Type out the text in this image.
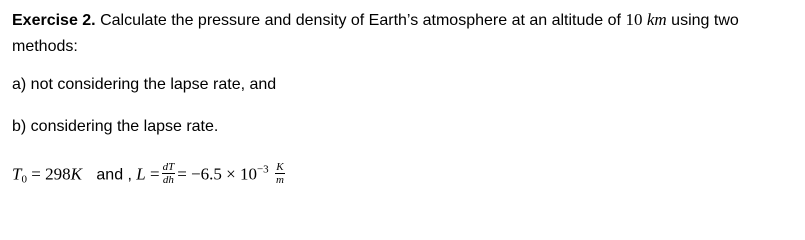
Exercise 2. Calculate the pressure and density of Earth’s atmosphere at an altitude of 10 km using two
methods:
a) not considering the lapse rate, and
b) considering the lapse rate.
$T_0 = 298K$ and , $L = \frac{dT}{dh} = -6.5 \times 10^{-3} \frac{K}{m}$
